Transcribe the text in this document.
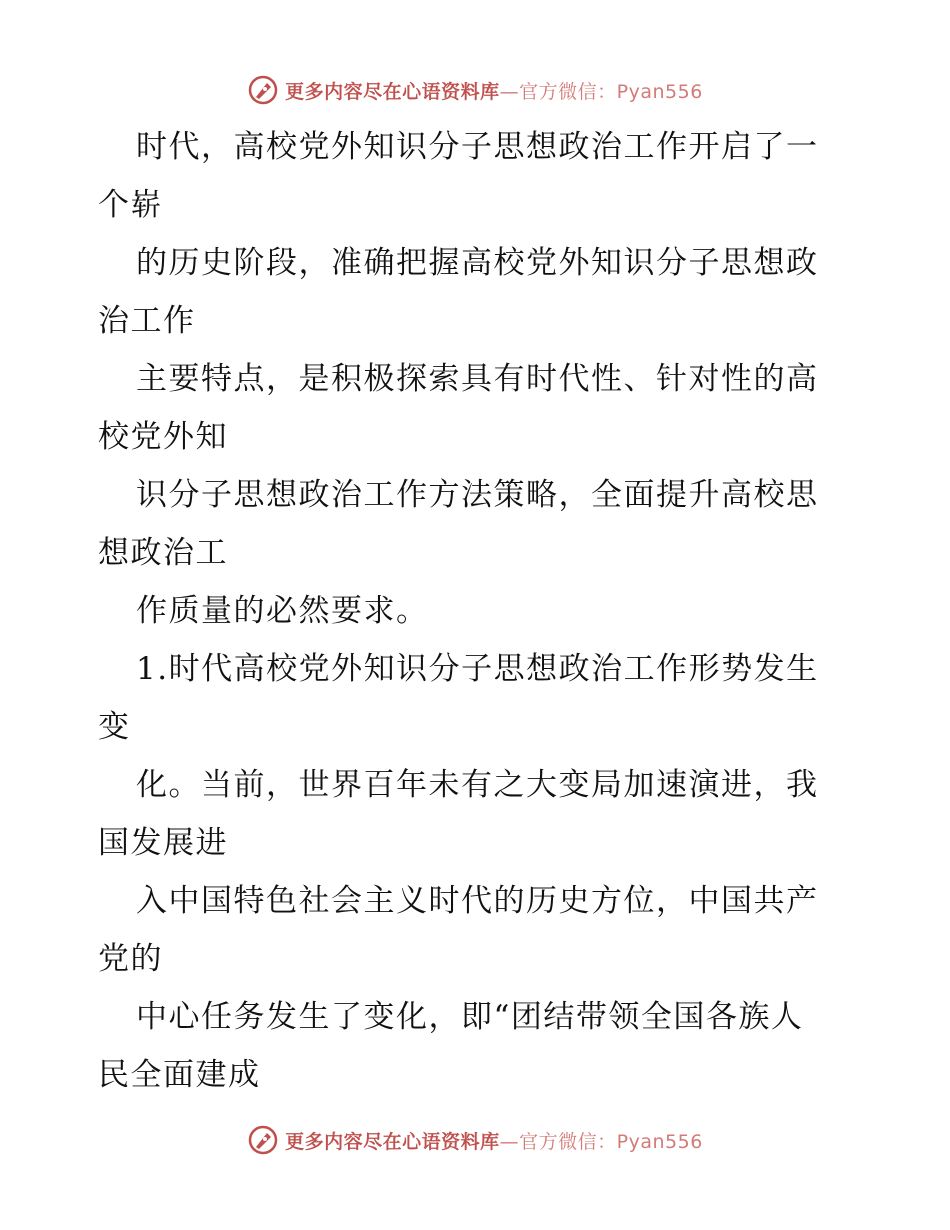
更多内容尽在心语资料库 —官方微信：Pyan556
时代，高校党外知识分子思想政治工作开启了一
个崭
的历史阶段，准确把握高校党外知识分子思想政
治工作
主要特点，是积极探索具有时代性、针对性的高
校党外知
识分子思想政治工作方法策略，全面提升高校思
想政治工
作质量的必然要求。
1.时代高校党外知识分子思想政治工作形势发生
变
化。当前，世界百年未有之大变局加速演进，我
国发展进
入中国特色社会主义时代的历史方位，中国共产
党的
中心任务发生了变化，即“团结带领全国各族人
民全面建成
更多内容尽在心语资料库 —官方微信：Pyan556
